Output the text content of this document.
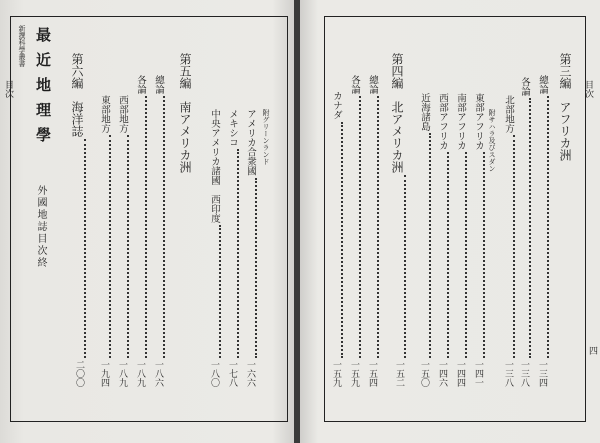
目次
附グリーンランド
アメリカ合衆國
一六六
メキシコ
一七八
中央アメリカ諸國　西印度
一八〇
第五編　南アメリカ洲
總論
一八六
各論
一八九
西部地方
一八九
東部地方
一九四
第六編　海洋誌
二〇〇
新撰科學叢書 最近地理學
外國地誌目次終
目次
四
第三編　アフリカ洲
總論
一三四
各論
一三八
北部地方
一三八
附サハラ及びスダン
東部アフリカ
一四一
南部アフリカ
一四四
西部アフリカ
一四六
近海諸島
一五〇
第四編　北アメリカ洲
一五二
總論
一五四
各論
一五九
カナダ
一五九
